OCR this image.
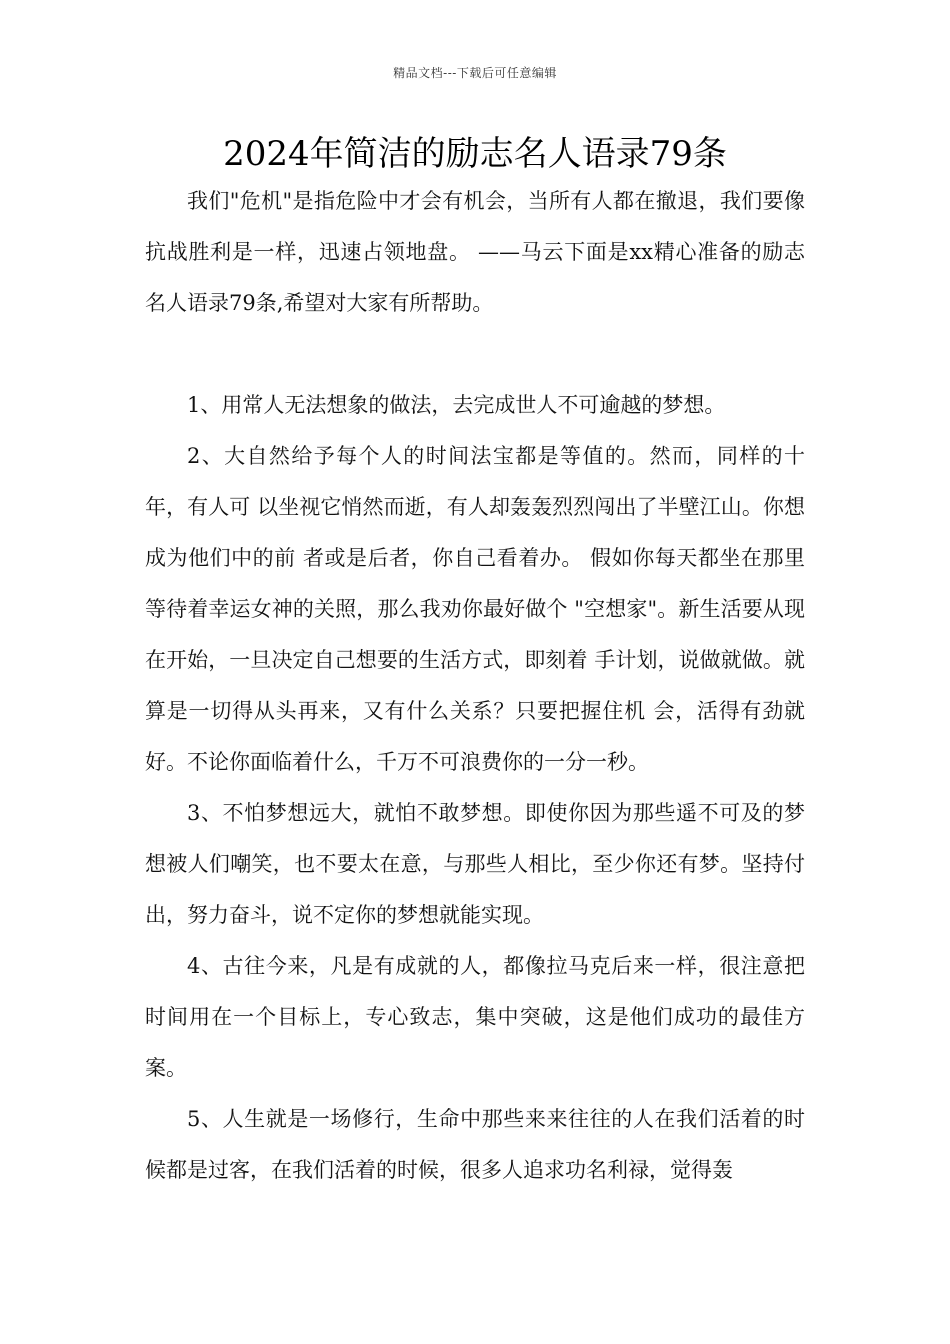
精品文档---下载后可任意编辑
2024年简洁的励志名人语录79条

我们"危机"是指危险中才会有机会，当所有人都在撤退，我们要像抗战胜利是一样，迅速占领地盘。 ——马云下面是xx精心准备的励志名人语录79条,希望对大家有所帮助。

1、用常人无法想象的做法，去完成世人不可逾越的梦想。

2、大自然给予每个人的时间法宝都是等值的。然而，同样的十年，有人可 以坐视它悄然而逝，有人却轰轰烈烈闯出了半壁江山。你想成为他们中的前 者或是后者，你自己看着办。 假如你每天都坐在那里等待着幸运女神的关照，那么我劝你最好做个 "空想家"。新生活要从现在开始，一旦决定自己想要的生活方式，即刻着 手计划，说做就做。就算是一切得从头再来，又有什么关系？只要把握住机 会，活得有劲就好。不论你面临着什么，千万不可浪费你的一分一秒。

3、不怕梦想远大，就怕不敢梦想。即使你因为那些遥不可及的梦想被人们嘲笑，也不要太在意，与那些人相比，至少你还有梦。坚持付出，努力奋斗，说不定你的梦想就能实现。

4、古往今来，凡是有成就的人，都像拉马克后来一样，很注意把时间用在一个目标上，专心致志，集中突破，这是他们成功的最佳方案。

5、人生就是一场修行，生命中那些来来往往的人在我们活着的时候都是过客，在我们活着的时候，很多人追求功名利禄，觉得轰
